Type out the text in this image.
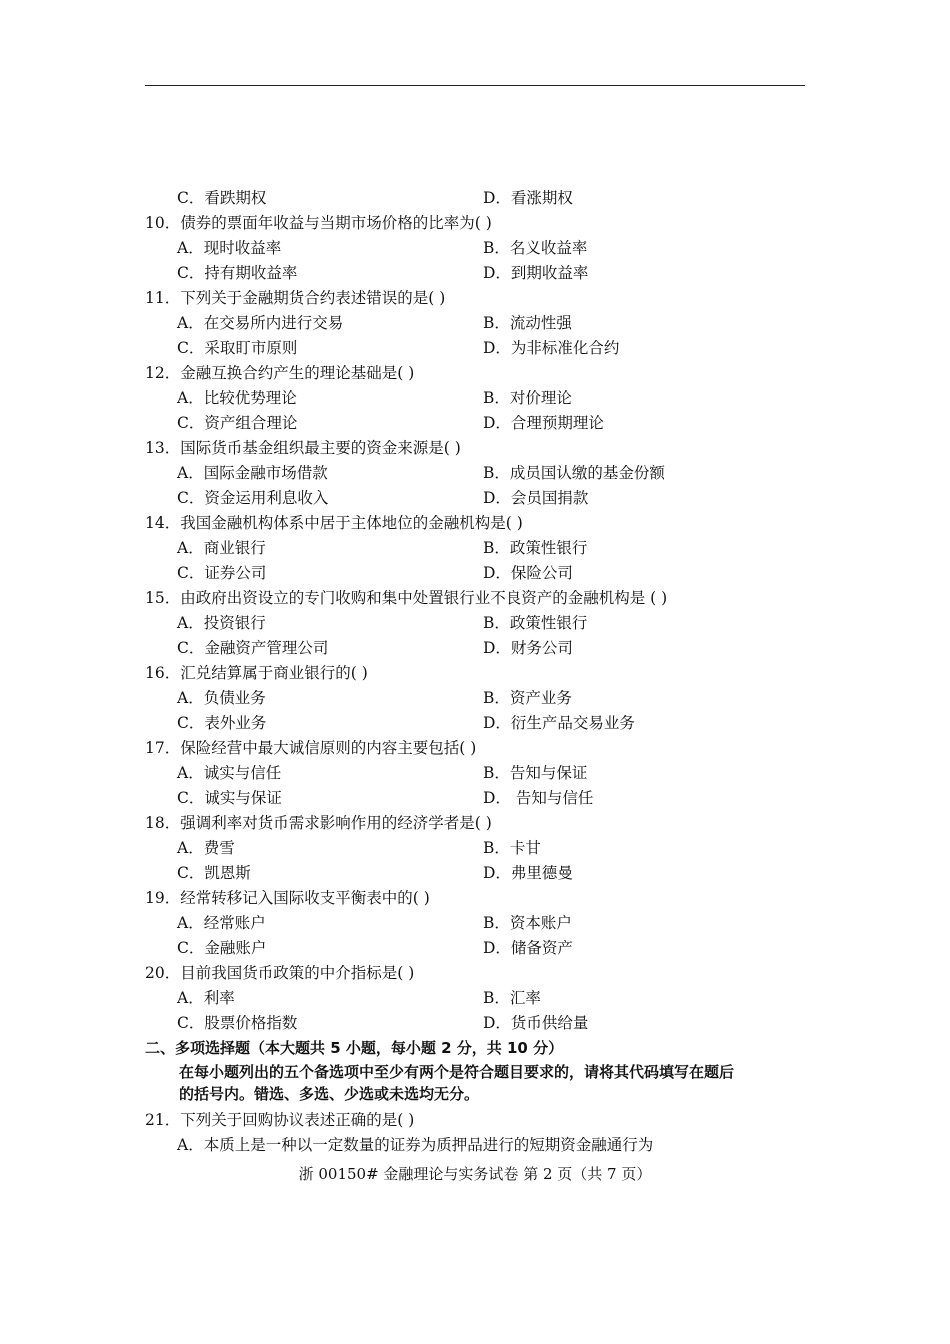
C．看跌期权	D．看涨期权
10．债券的票面年收益与当期市场价格的比率为( )
A．现时收益率	B．名义收益率
C．持有期收益率	D．到期收益率
11．下列关于金融期货合约表述错误的是( )
A．在交易所内进行交易	B．流动性强
C．采取盯市原则	D．为非标准化合约
12．金融互换合约产生的理论基础是( )
A．比较优势理论	B．对价理论
C．资产组合理论	D．合理预期理论
13．国际货币基金组织最主要的资金来源是( )
A．国际金融市场借款	B．成员国认缴的基金份额
C．资金运用利息收入	D．会员国捐款
14．我国金融机构体系中居于主体地位的金融机构是( )
A．商业银行	B．政策性银行
C．证券公司	D．保险公司
15．由政府出资设立的专门收购和集中处置银行业不良资产的金融机构是 ( )
A．投资银行	B．政策性银行
C．金融资产管理公司	D．财务公司
16．汇兑结算属于商业银行的( )
A．负债业务	B．资产业务
C．表外业务	D．衍生产品交易业务
17．保险经营中最大诚信原则的内容主要包括( )
A．诚实与信任	B．告知与保证
C．诚实与保证	D． 告知与信任
18．强调利率对货币需求影响作用的经济学者是( )
A．费雪	B．卡甘
C．凯恩斯	D．弗里德曼
19．经常转移记入国际收支平衡表中的( )
A．经常账户	B．资本账户
C．金融账户	D．储备资产
20．目前我国货币政策的中介指标是( )
A．利率	B．汇率
C．股票价格指数	D．货币供给量
二、多项选择题（本大题共 5 小题，每小题 2 分，共 10 分）
在每小题列出的五个备选项中至少有两个是符合题目要求的，请将其代码填写在题后
的括号内。错选、多选、少选或未选均无分。
21．下列关于回购协议表述正确的是( )
A．本质上是一种以一定数量的证券为质押品进行的短期资金融通行为
浙 00150# 金融理论与实务试卷 第 2 页（共 7 页）
